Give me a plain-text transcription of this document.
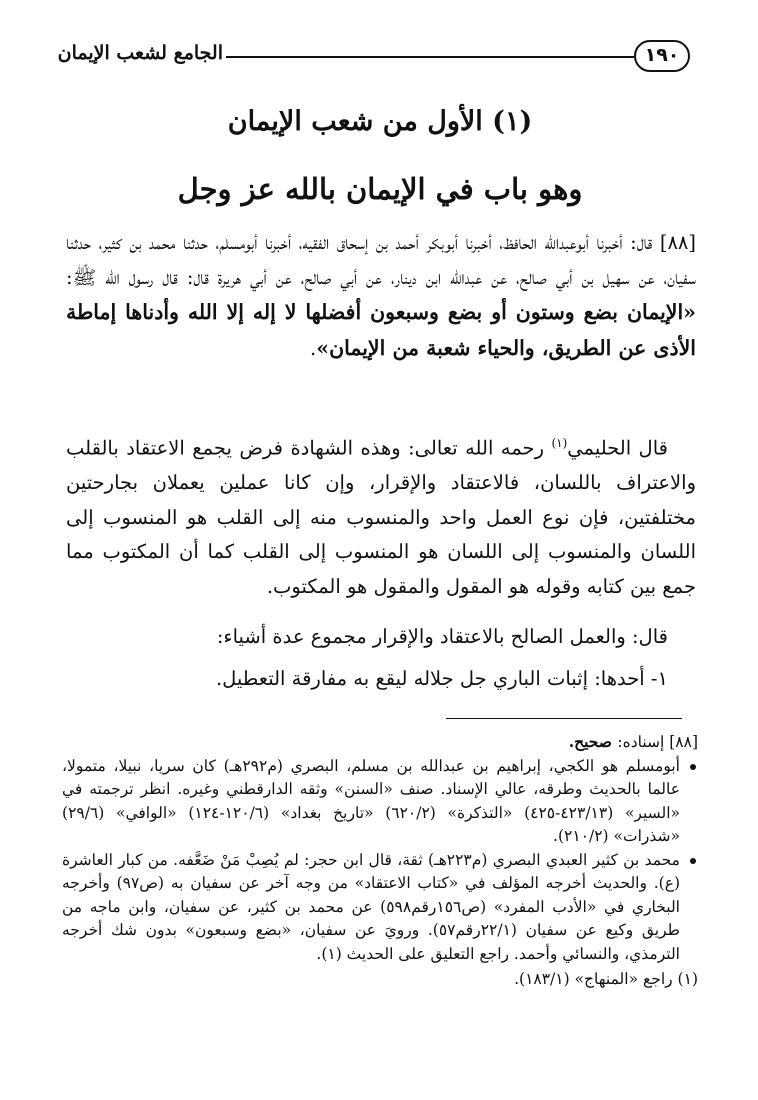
١٩٠
الجامع لشعب الإيمان
(١) الأول من شعب الإيمان
وهو باب في الإيمان بالله عز وجل
[٨٨] قال: أخبرنا أبوعبدالله الحافظ، أخبرنا أبوبكر أحمد بن إسحاق الفقيه، أخبرنا أبومسلم، حدثنا محمد بن كثير، حدثنا سفيان، عن سهيل بن أبي صالح، عن عبدالله ابن دينار، عن أبي صالح، عن أبي هريرة قال: قال رسول الله ﷺ: «الإيمان بضع وستون أو بضع وسبعون أفضلها لا إله إلا الله وأدناها إماطة الأذى عن الطريق، والحياء شعبة من الإيمان».
قال الحليمي$^{(١)}$ رحمه الله تعالى: وهذه الشهادة فرض يجمع الاعتقاد بالقلب والاعتراف باللسان، فالاعتقاد والإقرار، وإن كانا عملين يعملان بجارحتين مختلفتين، فإن نوع العمل واحد والمنسوب منه إلى القلب هو المنسوب إلى اللسان والمنسوب إلى اللسان هو المنسوب إلى القلب كما أن المكتوب مما جمع بين كتابه وقوله هو المقول والمقول هو المكتوب.
قال: والعمل الصالح بالاعتقاد والإقرار مجموع عدة أشياء:
١- أحدها: إثبات الباري جل جلاله ليقع به مفارقة التعطيل.

[٨٨] إسناده: صحيح.

أبومسلم هو الكجي، إبراهيم بن عبدالله بن مسلم، البصري (م٢٩٢هـ) كان سريا، نبيلا، متمولا، عالما بالحديث وطرقه، عالي الإسناد. صنف «السنن» وثقه الدارقطني وغيره. انظر ترجمته في «السير» (٤٢٣/١٣-٤٢٥) «التذكرة» (٦٢٠/٢) «تاريخ بغداد» (١٢٠/٦-١٢٤) «الوافي» (٢٩/٦) «شذرات» (٢١٠/٢).

محمد بن كثير العبدي البصري (م٢٢٣هـ) ثقة، قال ابن حجر: لم يُصِبْ مَنْ ضَعَّفه. من كبار العاشرة (ع). والحديث أخرجه المؤلف في «كتاب الاعتقاد» من وجه آخر عن سفيان به (ص٩٧) وأخرجه البخاري في «الأدب المفرد» (ص١٥٦رقم٥٩٨) عن محمد بن كثير، عن سفيان، وابن ماجه من طريق وكيع عن سفيان (٢٢/١رقم٥٧). ورويَ عن سفيان، «بضع وسبعون» بدون شك أخرجه الترمذي، والنسائي وأحمد. راجع التعليق على الحديث (١).

(١) راجع «المنهاج» (١٨٣/١).
